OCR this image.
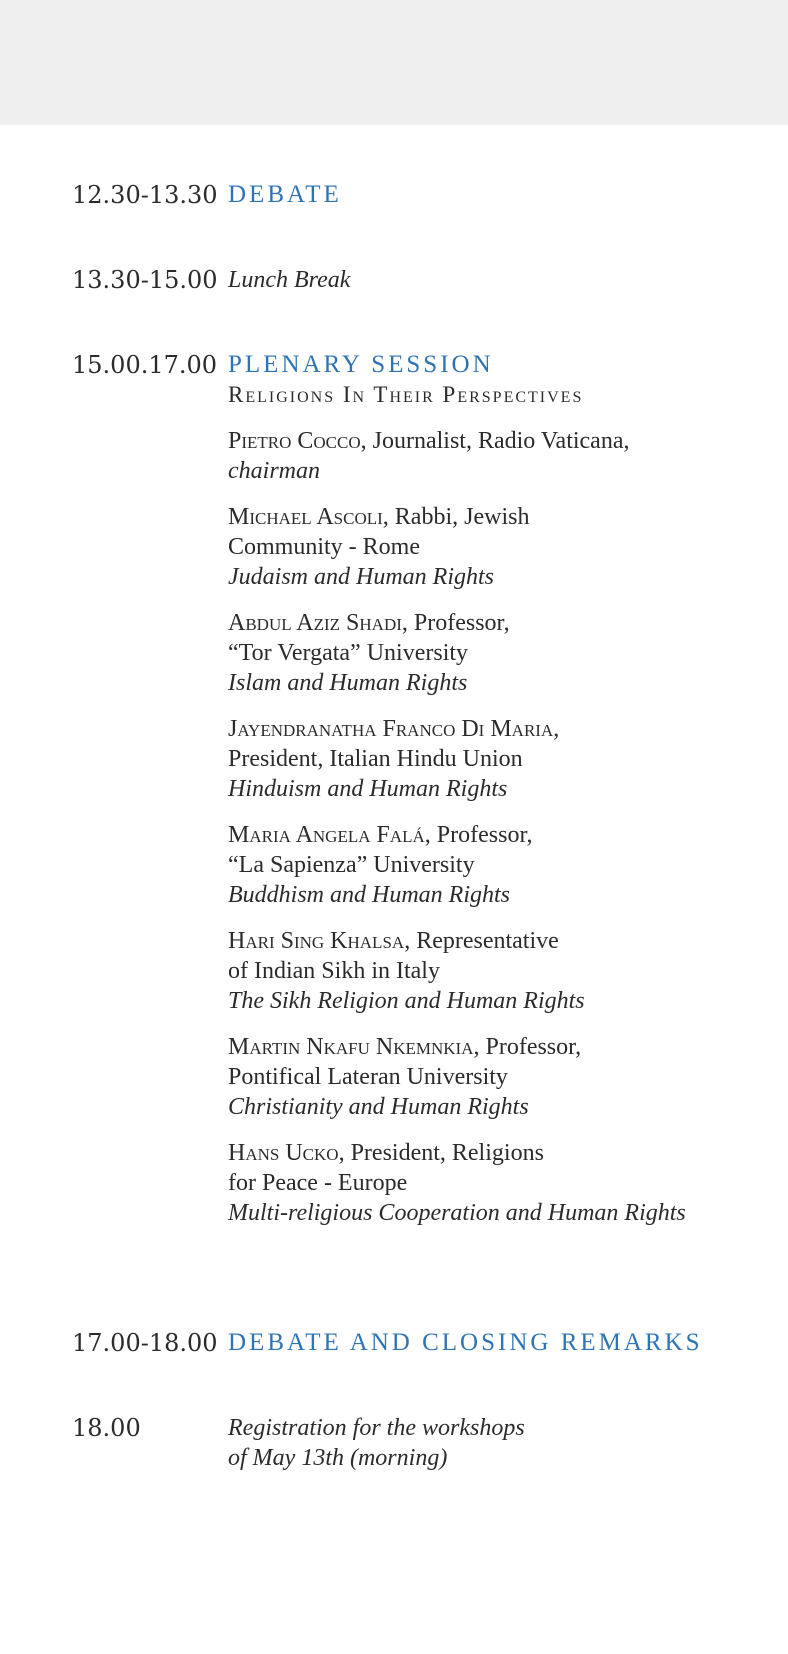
12.30-13.30 DEBATE
13.30-15.00 Lunch Break
15.00.17.00 PLENARY SESSION
Religions In Their Perspectives
Pietro Cocco, Journalist, Radio Vaticana,
chairman
Michael Ascoli, Rabbi, Jewish
Community - Rome
Judaism and Human Rights
Abdul Aziz Shadi, Professor,
“Tor Vergata” University
Islam and Human Rights
Jayendranatha Franco Di Maria,
President, Italian Hindu Union
Hinduism and Human Rights
Maria Angela Falá, Professor,
“La Sapienza” University
Buddhism and Human Rights
Hari Sing Khalsa, Representative
of Indian Sikh in Italy
The Sikh Religion and Human Rights
Martin Nkafu Nkemnkia, Professor,
Pontifical Lateran University
Christianity and Human Rights
Hans Ucko, President, Religions
for Peace - Europe
Multi-religious Cooperation and Human Rights
17.00-18.00 DEBATE AND CLOSING REMARKS
18.00	Registration for the workshops
of May 13th (morning)
